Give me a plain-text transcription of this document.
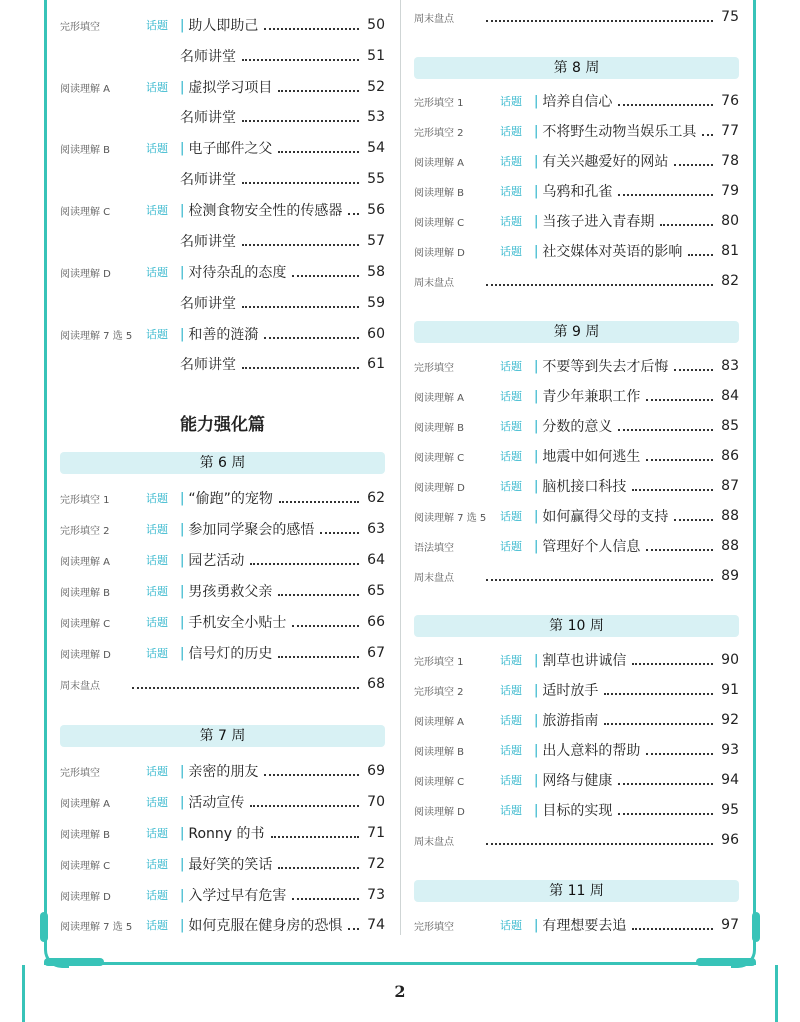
完形填空	话题 | 助人即助己	50
名师讲堂	51
阅读理解 A	话题 | 虚拟学习项目	52
名师讲堂	53
阅读理解 B	话题 | 电子邮件之父	54
名师讲堂	55
阅读理解 C	话题 | 检测食物安全性的传感器 56
名师讲堂	57
阅读理解 D	话题 | 对待杂乱的态度	58
名师讲堂	59
阅读理解 7 选 5	话题 | 和善的涟漪	60
名师讲堂	61
能力强化篇
第 6 周
完形填空 1	话题 | “偷跑”的宠物	62
完形填空 2	话题 | 参加同学聚会的感悟	63
阅读理解 A	话题 | 园艺活动	64
阅读理解 B	话题 | 男孩勇救父亲	65
阅读理解 C	话题 | 手机安全小贴士	66
阅读理解 D	话题 | 信号灯的历史	67
周末盘点	68
第 7 周
完形填空	话题 | 亲密的朋友	69
阅读理解 A	话题 | 活动宣传	70
阅读理解 B	话题 | Ronny 的书	71
阅读理解 C	话题 | 最好笑的笑话	72
阅读理解 D	话题 | 入学过早有危害	73
阅读理解 7 选 5	话题 | 如何克服在健身房的恐惧 74
周末盘点	75
第 8 周
完形填空 1	话题 | 培养自信心	76
完形填空 2	话题 | 不将野生动物当娱乐工具 77
阅读理解 A	话题 | 有关兴趣爱好的网站	78
阅读理解 B	话题 | 乌鸦和孔雀	79
阅读理解 C	话题 | 当孩子进入青春期	80
阅读理解 D	话题 | 社交媒体对英语的影响	81
周末盘点	82
第 9 周
完形填空	话题 | 不要等到失去才后悔	83
阅读理解 A	话题 | 青少年兼职工作	84
阅读理解 B	话题 | 分数的意义	85
阅读理解 C	话题 | 地震中如何逃生	86
阅读理解 D	话题 | 脑机接口科技	87
阅读理解 7 选 5	话题 | 如何赢得父母的支持	88
语法填空	话题 | 管理好个人信息	88
周末盘点	89
第 10 周
完形填空 1	话题 | 割草也讲诚信	90
完形填空 2	话题 | 适时放手	91
阅读理解 A	话题 | 旅游指南	92
阅读理解 B	话题 | 出人意料的帮助	93
阅读理解 C	话题 | 网络与健康	94
阅读理解 D	话题 | 目标的实现	95
周末盘点	96
第 11 周
完形填空	话题 | 有理想要去追	97
2
